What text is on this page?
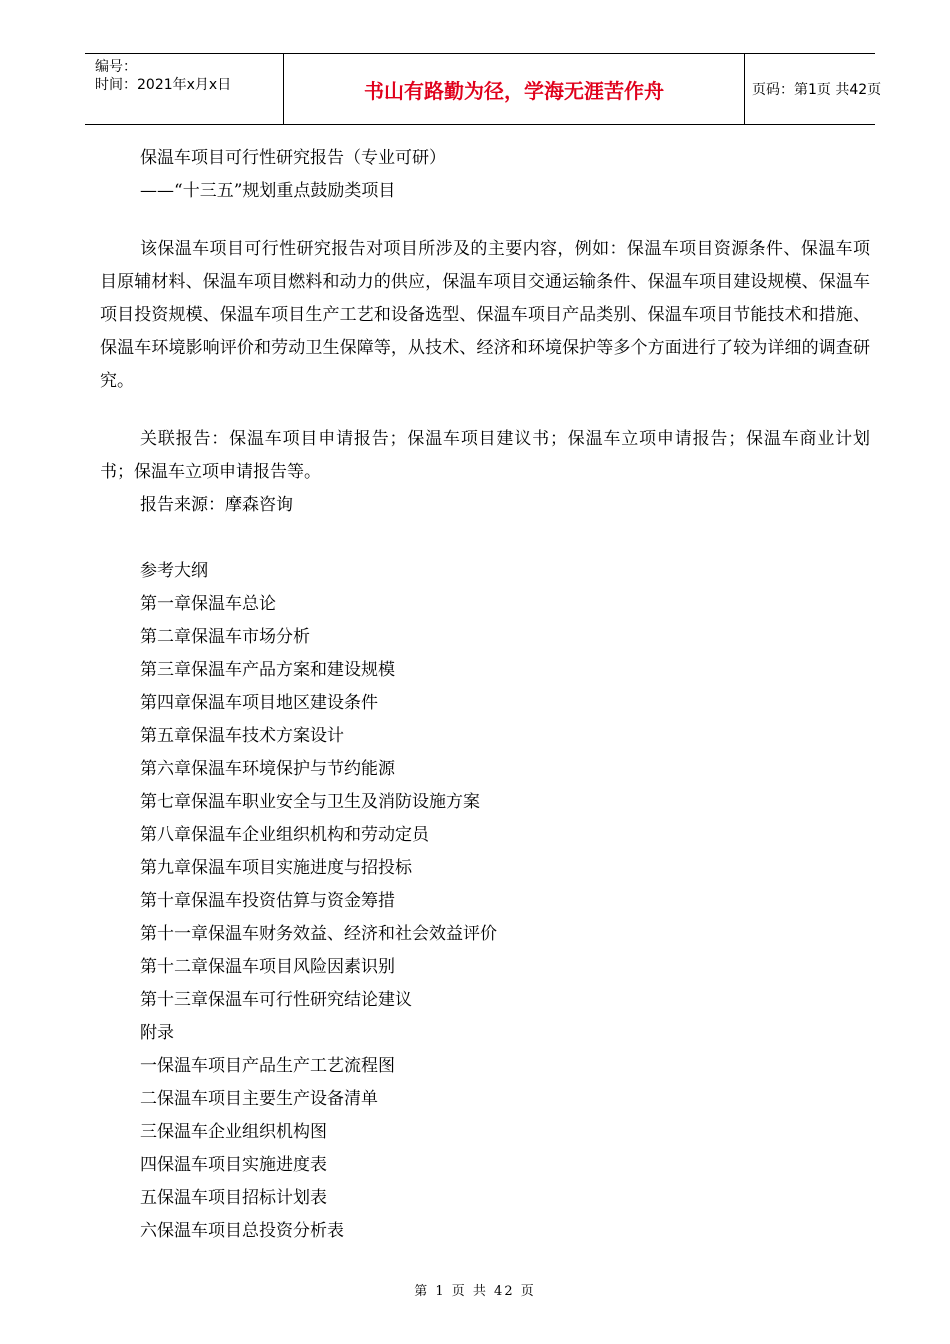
编号：
时间：2021年x月x日	书山有路勤为径，学海无涯苦作舟	页码：第1页 共42页
保温车项目可行性研究报告（专业可研）
——“十三五”规划重点鼓励类项目

该保温车项目可行性研究报告对项目所涉及的主要内容，例如：保温车项目资源条件、保温车项目原辅材料、保温车项目燃料和动力的供应，保温车项目交通运输条件、保温车项目建设规模、保温车项目投资规模、保温车项目生产工艺和设备选型、保温车项目产品类别、保温车项目节能技术和措施、保温车环境影响评价和劳动卫生保障等，从技术、经济和环境保护等多个方面进行了较为详细的调查研究。

关联报告：保温车项目申请报告；保温车项目建议书；保温车立项申请报告；保温车商业计划书；保温车立项申请报告等。

报告来源：摩森咨询
参考大纲
第一章保温车总论
第二章保温车市场分析
第三章保温车产品方案和建设规模
第四章保温车项目地区建设条件
第五章保温车技术方案设计
第六章保温车环境保护与节约能源
第七章保温车职业安全与卫生及消防设施方案
第八章保温车企业组织机构和劳动定员
第九章保温车项目实施进度与招投标
第十章保温车投资估算与资金筹措
第十一章保温车财务效益、经济和社会效益评价
第十二章保温车项目风险因素识别
第十三章保温车可行性研究结论建议
附录
一保温车项目产品生产工艺流程图
二保温车项目主要生产设备清单
三保温车企业组织机构图
四保温车项目实施进度表
五保温车项目招标计划表
六保温车项目总投资分析表
第 1 页 共 42 页
